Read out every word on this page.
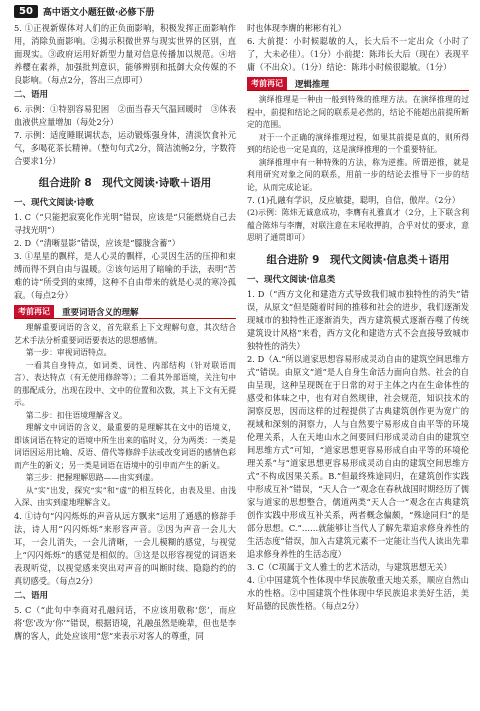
50	高中语文小题狂做·必修下册

5. ①正视新媒体对人们的正负面影响，积极发挥正面影响作用，消除负面影响。②揭示积微世界与现实世界的区别，直面现实。③政府运用好新型力量对信息传播加以规范。④培养樱在素养，加强批判意识，能够辨别和抵御大众传媒的不良影响。（每点2分，答出三点即可）

二、语用

6. 示例：①特别容易犯困　②面当春天气温回暖时　③体表血液供应量增加（每处2分）

7. 示例：适度睡眠调状态，运动锻炼强身体，清淡饮食补元气，多喝花茶长精神。（整句句式2分，简洁流畅2分，字数符合要求1分）

组合进阶 8　现代文阅读·诗歌＋语用
一、现代文阅读·诗歌

1. C（“只能把寂寞化作光明”错误，应该是“只能燃烧自己去寻找光明”）

2. D（“清晰显影”错误，应该是“朦胧含蓄”）

3. ①星星的飘样，是人心灵的飘样，心灵因生活的压抑和束缚而得不到自由与温暖。②该句运用了暗喻的手法，表明“苦难的诗”所受到的束缚，这种不自由带来的就是心灵的寒冷孤寂。（每点2分）

考前再记	重要词语含义的理解

理解重要词语的含义，首先联系上下文理解句意，其次结合艺术手法分析重要词语要表达的思想感情。

第一步：审视词语特点。

一看其自身特点，如词类、词性、内部结构（针对联语而言）、表达特点（有无使用修辞等）；二看其外部语境，关注句中的那配成分，出现在段中、文中的位置和次数，其上下文有无提示。

第二步：扣住语境理解含义。

理解文中词语的含义，最重要的是理解其在文中的语境义，即该词语在特定的语境中所生出来的临时义，分为两类：一类是词语因运用比喻、反语、借代等修辞手法或改变词语的感情色彩而产生的新义；另一类是词语在语境中的引申而产生的新义。

第三步：把握理解思路——由实到虚。

从“实”出发，探究“实”和“虚”的相互转化，由表及里、由浅入深、由实到虚地理解含义。

4. ①诗句“闪闪烁烁的声音从远方飘来”运用了通感的修辞手法，诗人用“闪闪烁烁”来形容声音。②因为声音一会儿大耳，一会儿消失，一会儿清晰，一会儿模糊的感觉，与视觉上“闪闪烁烁”的感觉是相似的。③这是以形容视觉的词语来表现听觉，以视觉感来突出对声音的叫断时续、隐隐约约的真切感受。（每点2分）

二、语用

5. C（“此句中李商对孔融问话，不应该用敬称‘您’，而应将‘您’改为‘你’”错误，根据语境，礼融虽然是晚辈，但也是李膺的客人，此处应该用“您”来表示对客人的尊重，同

时也体现李膺的彬彬有礼）

6. 大前提：小时候聪敏的人，长大后不一定出众（小时了了，大未必佳）。（1分）小前提：陈玮长大后（现在）表现平庸（不出众）。（1分）结论：陈玮小时候很聪敏。（1分）

考前再记	逻辑推理

演绎推理是一种由一般到特殊的推理方法。在演绎推理的过程中，前提和结论之间的联系是必然的，结论不能超出前提所断定的范围。

对于一个正确的演绎推理过程，如果其前提是真的，则所得到的结论也一定是真的，这是演绎推理的一个重要特征。

演绎推理中有一种特殊的方法，称为逆推。所谓逆推，就是利用研究对象之间的联系，用前一步的结论去推导下一步的结论，从而完成论证。

7. (1)孔融有学识，反应敏捷，聪明，自信，傲岸。（2分）

(2)示例：陈炜无诚意成功，李膺有礼雅真才（2分，上下联含利蕴合陈炜与李膺，对联注意在末尾收押韵，合乎对仗的要求，意思明了通贯即可）

组合进阶 9　现代文阅读·信息类＋语用
一、现代文阅读·信息类

1. D（“西方文化和建造方式导致我们城市独特性的消失”错误，从原文“但是随着时间的推移和社会的进步，我们逐渐发现城市的独特性正逐渐消失，西方建筑模式逐渐吞噬了传统建筑设计风格”来看，西方文化和建造方式不会直接导致城市独特性的消失）

2. D（A.“所以道家思想容易形成灵动自由的建筑空间思维方式”错误。由原文“道”是人自身生命活力面向自然、社会的自由呈现，这种呈现既在于日常的对于主体之内在生命体性的感受和体味之中，也有对自然规律，社会规范，知识技术的洞察反思，因而这样的过程提供了古典建筑创作更为宽广的视域和深刻的洞察力，人与自然要宁易形成自由平等的环境伦理关系，人在天地山水之间要回归形成灵动自由的建筑空间思维方式”可知，“道家思想更容易形成自由平等的环境伦理关系”与“道家思想更容易形成灵动自由的建筑空间思维方式”不构成因果关系。B.“但最终殊途同归，在建筑创作实践中形成互补”错误，“天人合一”观念在春秋战国时期经历了儒家与道家的思想整合，儒道两类“天人合一”观念在古典建筑创作实践中形成互补关系，两者概念偏颇，“殊途同归”的是部分思想。C.“……就能够让当代人了解先辈追求修身养性的生活态度”错误，加入古建筑元素不一定能让当代人读出先辈追求修身养性的生活态度）

3. C（C项属于文人雅士的艺术活动，与建筑思想无关）

4. ①中国建筑个性体现中华民族敬重天地关系，顺应自然山水的性格。②中国建筑个性体现中华民族追求美好生活，美好品德的民族性格。（每点2分）
